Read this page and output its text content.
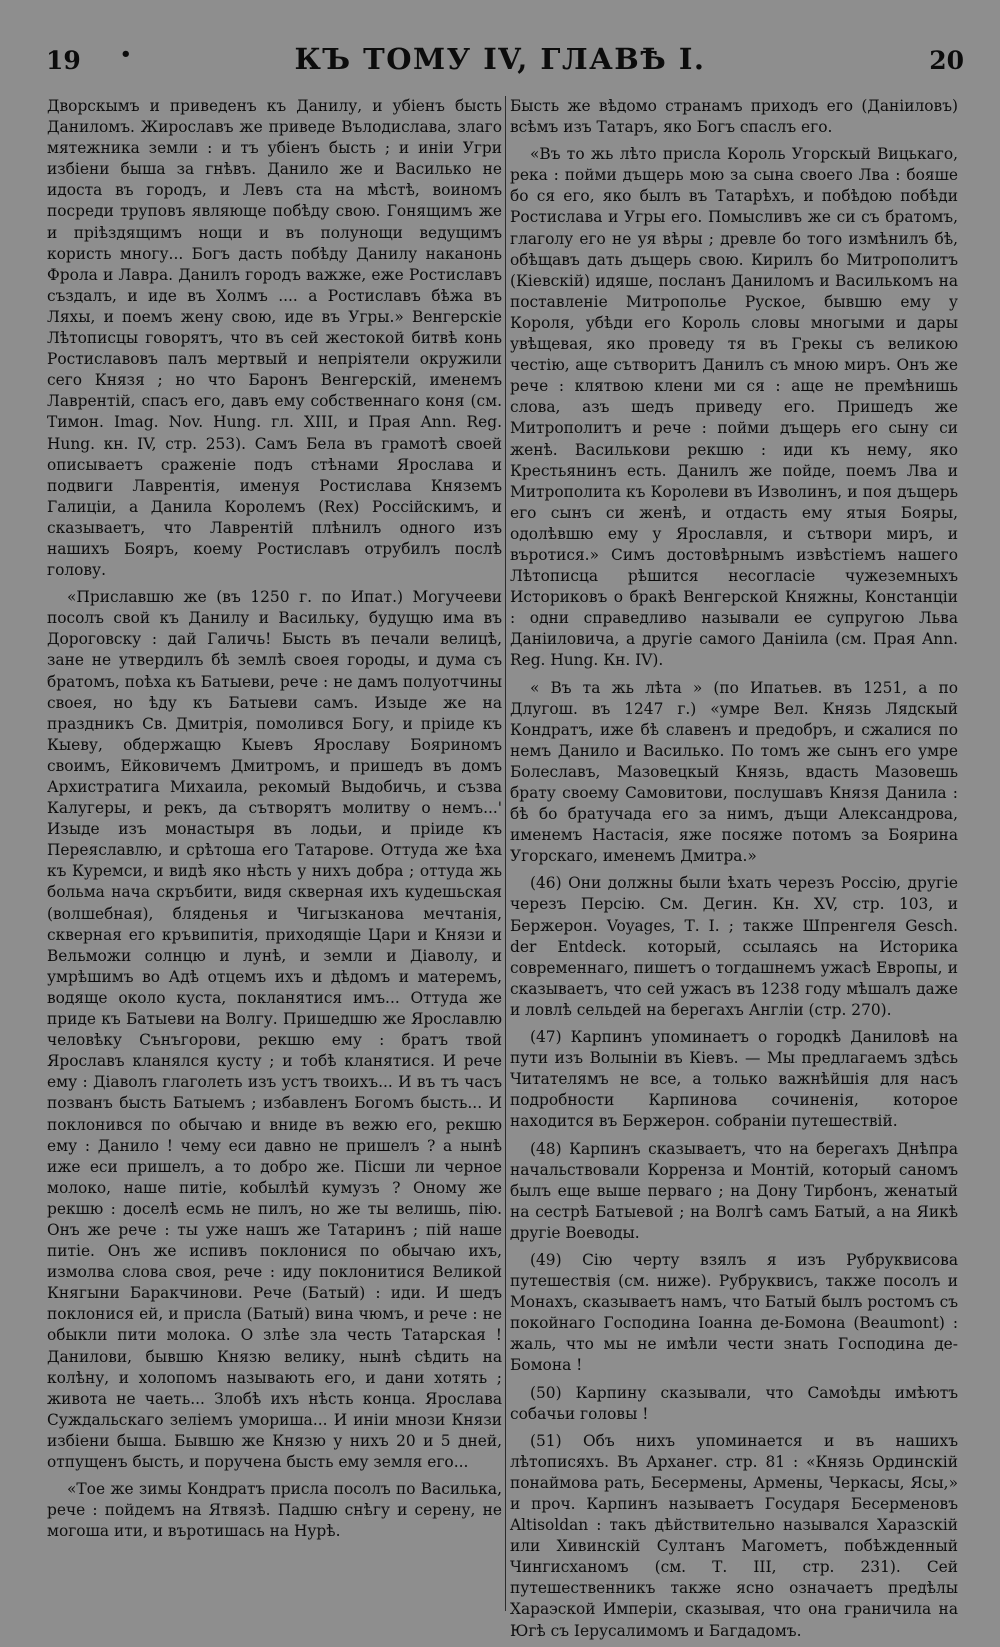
19 •	КЪ ТОМУ IV, ГЛАВѢ I.	20

Дворскымъ и приведенъ къ Данилу, и убіенъ бысть Даниломъ. Жирославъ же приведе Вълодислава, злаго мятежника земли : и тъ убіенъ бысть ; и иніи Угри избіени быша за гнѣвъ. Данило же и Василько не идоста въ городъ, и Левъ ста на мѣстѣ, воиномъ посреди труповъ являюще побѣду свою. Гонящимъ же и пріѣздящимъ нощи и въ полунощи ведущимъ користь многу... Богъ дасть побѣду Данилу наканонь Фрола и Лавра. Данилъ городъ важже, еже Ростиславъ създалъ, и иде въ Холмъ .... а Ростиславъ бѣжа въ Ляхы, и поемъ жену свою, иде въ Угры.» Венгерскіе Лѣтописцы говорятъ, что въ сей жестокой битвѣ конь Ростиславовъ палъ мертвый и непріятели окружили сего Князя ; но что Баронъ Венгерскій, именемъ Лаврентій, спасъ его, давъ ему собственнаго коня (см. Тимон. Imag. Nov. Hung. гл. XIII, и Прая Ann. Reg. Hung. кн. IV, стр. 253). Самъ Бела въ грамотѣ своей описываетъ сраженіе подъ стѣнами Ярослава и подвиги Лаврентія, именуя Ростислава Княземъ Галиціи, а Данила Королемъ (Rex) Россійскимъ, и сказываетъ, что Лаврентій плѣнилъ одного изъ нашихъ Бояръ, коему Ростиславъ отрубилъ послѣ голову.

«Приславшю же (въ 1250 г. по Ипат.) Могучееви посолъ свой къ Данилу и Васильку, будущю има въ Дороговску : дай Галичь! Бысть въ печали велицѣ, зане не утвердилъ бѣ землѣ своея городы, и дума съ братомъ, поѣха къ Батыеви, рече : не дамъ полуотчины своея, но ѣду къ Батыеви самъ. Изыде же на праздникъ Св. Дмитрія, помолився Богу, и пріиде къ Кыеву, обдержащю Кыевъ Ярославу Бояриномъ своимъ, Ейковичемъ Дмитромъ, и пришедъ въ домъ Архистратига Михаила, рекомый Выдобичь, и съзва Калугеры, и рекъ, да сътворятъ молитву о немъ...' Изыде изъ монастыря въ лодьи, и пріиде къ Переяславлю, и срѣтоша его Татарове. Оттуда же ѣха къ Куремси, и видѣ яко нѣсть у нихъ добра ; оттуда жь больма нача скръбити, видя скверная ихъ кудешьская (волшебная), бляденья и Чигызканова мечтанія, скверная его кръвипитія, приходящіе Цари и Князи и Вельможи солнцю и лунѣ, и земли и Діаволу, и умрѣшимъ во Адѣ отцемъ ихъ и дѣдомъ и матеремъ, водяще около куста, покланятися имъ... Оттуда же приде къ Батыеви на Волгу. Пришедшю же Ярославлю человѣку Сънъгорови, рекшю ему : братъ твой Ярославъ кланялся кусту ; и тобѣ кланятися. И рече ему : Діаволъ глаголеть изъ устъ твоихъ... И въ тъ часъ позванъ бысть Батыемъ ; избавленъ Богомъ бысть... И поклонився по обычаю и вниде въ вежю его, рекшю ему : Данило ! чему еси давно не пришелъ ? а нынѣ иже еси пришелъ, а то добро же. Пісши ли черное молоко, наше питіе, кобылѣй кумузъ ? Оному же рекшю : доселѣ есмь не пилъ, но же ты велишь, пію. Онъ же рече : ты уже нашъ же Татаринъ ; пій наше питіе. Онъ же испивъ поклонися по обычаю ихъ, измолва слова своя, рече : иду поклонитися Великой Княгыни Баракчинови. Рече (Батый) : иди. И шедъ поклонися ей, и присла (Батый) вина чюмъ, и рече : не обыкли пити молока. О злѣе зла честь Татарская ! Данилови, бывшю Князю велику, нынѣ сѣдить на колѣну, и холопомъ называють его, и дани хотять ; живота не чаеть... Злобѣ ихъ нѣсть конца. Ярослава Суждальскаго зеліемъ умориша... И иніи мнози Князи избіени быша. Бывшю же Князю у нихъ 20 и 5 дней, отпущенъ бысть, и поручена бысть ему земля его...

«Тое же зимы Кондратъ присла посолъ по Василька, рече : пойдемъ на Ятвязѣ. Падшю снѣгу и серену, не могоша ити, и въротишась на Нурѣ.

Бысть же вѣдомо странамъ приходъ его (Даніиловъ) всѣмъ изъ Татаръ, яко Богъ спаслъ его.

«Въ то жь лѣто присла Король Угорскый Вицькаго, река : пойми дъщерь мою за сына своего Лва : бояше бо ся его, яко былъ въ Татарѣхъ, и побѣдою побѣди Ростислава и Угры его. Помысливъ же си съ братомъ, глаголу его не уя вѣры ; древле бо того измѣнилъ бѣ, обѣщавъ дать дъщерь свою. Кирилъ бо Митрополитъ (Кіевскій) идяше, посланъ Даниломъ и Василькомъ на поставленіе Митрополье Руское, бывшю ему у Короля, убѣди его Король словы многыми и дары увѣщевая, яко проведу тя въ Грекы съ великою честію, аще сътворитъ Данилъ съ мною миръ. Онъ же рече : клятвою клени ми ся : аще не премѣнишь слова, азъ шедъ приведу его. Пришедъ же Митрополитъ и рече : пойми дъщерь его сыну си женѣ. Василькови рекшю : иди къ нему, яко Крестьянинъ есть. Данилъ же пойде, поемъ Лва и Митрополита къ Королеви въ Изволинъ, и поя дъщерь его сынъ си женѣ, и отдасть ему ятыя Бояры, одолѣвшю ему у Ярославля, и сътвори миръ, и въротися.» Симъ достовѣрнымъ извѣстіемъ нашего Лѣтописца рѣшится несогласіе чужеземныхъ Историковъ о бракѣ Венгерской Княжны, Констанціи : одни справедливо называли ее супругою Льва Даніиловича, а другіе самого Даніила (см. Прая Ann. Reg. Hung. Кн. IV).

« Въ та жь лѣта » (по Ипатьев. въ 1251, а по Длугош. въ 1247 г.) «умре Вел. Князь Лядскый Кондратъ, иже бѣ славенъ и предобръ, и сжалися по немъ Данило и Василько. По томъ же сынъ его умре Болеславъ, Мазовецкый Князь, вдасть Мазовешь брату своему Самовитови, послушавъ Князя Данила : бѣ бо братучада его за нимъ, дъщи Александрова, именемъ Настасія, яже посяже потомъ за Боярина Угорскагo, именемъ Дмитра.»

(46) Они должны были ѣхать черезъ Россію, другіе черезъ Персію. См. Дегин. Кн. XV, стр. 103, и Бержерон. Voyages, Т. I. ; также Шпренгеля Gesch. der Entdeck. который, ссылаясь на Историка современнаго, пишетъ о тогдашнемъ ужасѣ Европы, и сказываетъ, что сей ужасъ въ 1238 году мѣшалъ даже и ловлѣ сельдей на берегахъ Англіи (стр. 270).

(47) Карпинъ упоминаетъ о городкѣ Даниловѣ на пути изъ Волыніи въ Кіевъ. — Мы предлагаемъ здѣсь Читателямъ не все, а только важнѣйшія для насъ подробности Карпинова сочиненія, которое находится въ Бержерон. собраніи путешествій.

(48) Карпинъ сказываетъ, что на берегахъ Днѣпра начальствовали Корренза и Монтій, который саномъ былъ еще выше перваго ; на Дону Тирбонъ, женатый на сестрѣ Батыевой ; на Волгѣ самъ Батый, а на Яикѣ другіе Воеводы.

(49) Сію черту взялъ я изъ Рубруквисова путешествія (см. ниже). Рубруквисъ, также посолъ и Монахъ, сказываетъ намъ, что Батый былъ ростомъ съ покойнаго Господина Іоанна де-Бомона (Beaumont) : жаль, что мы не имѣли чести знать Господина де-Бомона !

(50) Карпину сказывали, что Самоѣды имѣютъ собачьи головы !

(51) Объ нихъ упоминается и въ нашихъ лѣтописяхъ. Въ Арханег. стр. 81 : «Князь Ординскій понаймова рать, Бесермены, Армены, Черкасы, Ясы,» и проч. Карпинъ называетъ Государя Бесерменовъ Altisoldan : такъ дѣйствительно назывался Харазскій или Хивинскій Султанъ Магометъ, побѣжденный Чингисханомъ (см. Т. III, стр. 231). Сей путешественникъ также ясно означаетъ предѣлы Хараэской Имперіи, сказывая, что она граничила на Югѣ съ Іерусалимомъ и Багдадомъ.
